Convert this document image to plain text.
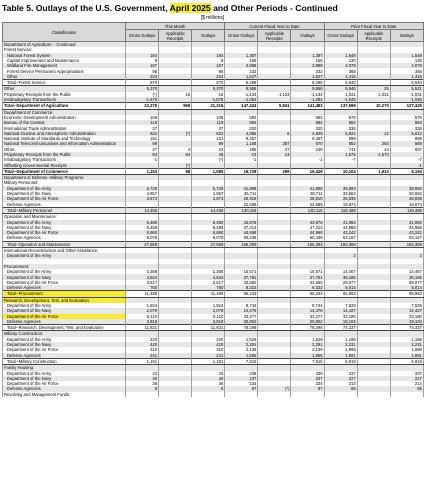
Table 5. Outlays of the U.S. Government, April 2025 and Other Periods - Continued
[$ millions]
Classification	This Month			Current Fiscal Year to Date			Prior Fiscal Year to Date		
	Gross Outlays	Applicable Receipts	Outlays	Gross Outlays	Applicable Receipts	Outlays	Gross Outlays	Applicable Receipts	Outlays
Department of Agriculture: - Continued									
Forest Service:									
National Forest System	184		184	1,387		1,387	1,548		1,548
Capital Improvement and Maintenance	8		8	155		155	130		130
Wildland Fire Management	167		167	2,898		2,898	2,079		2,079
Forest Service Permanent Appropriations	98		98	232		232	368		368
Other	234		234	1,627		1,627	1,415		1,415
Total--Forest Service	670		670	6,298		6,298	5,540		5,540
Other	5,370		5,370	9,956		9,956	5,546	25	5,521
Proprietary Receipts from the Public	(*)	16	-16	-1,134	1,134	-1,134	1,031	1,031	-1,031
Intrabudgetary Transactions	-1,678		-1,678	-1,084		-1,084	-1,045		-1,045
Total--Department of Agriculture	22,275	959	21,316	147,424	5,941	141,483	137,699	10,270	127,429
Department of Commerce:									
Economic Development Administration	106		106	692		692	575		575
Bureau of the Census	118		118	884		884	884		884
International Trade Administration	37		37	320		320	336		336
National Oceanic and Atmospheric Administration	622	(*)	622	4,856	6	4,849	5,824	12	5,812
National Institute of Standards and Technology	151		151	8,457		8,457	899		899
National Telecommunications and Information Administration	99		99	1,158	287	870	852	283	569
Other	27	4	23	285	37	248	741	44	697
Proprietary Receipts from the Public	84	84	46	-13	13		1,575	-1,570	
Intrabudgetary Transactions	-1		(*)	-1		-1	-7		-7
Offsetting Governmental Receipts		(*)							-1
Total--Department of Commerce	1,153	68	1,085	16,728	299	16,429	10,104	1,910	8,194
Department of Defense--Military Programs:									
Military Personnel:									
Department of the Army	5,726		5,726	41,898		41,898	39,993		39,993
Department of the Navy	4,857		4,857	36,711		36,711	33,662		33,662
Department of the Air Force	3,873		3,873	28,919		28,919	26,839		26,839
Defense Agencies				22,588		22,588	19,874		19,874
Total--Military Personnel	14,456		14,456	130,116		130,116	119,468		119,468
Operation and Maintenance:									
Department of the Army	6,480		6,480	43,676		43,676	41,982		41,982
Department of the Navy	6,489		6,489	47,313		47,313	44,988		44,988
Department of the Air Force	6,860		6,860	44,968		44,968	43,242		43,242
Defense Agencies	8,078		8,078	60,436		60,436	53,157		53,157
Total--Operation and Maintenance	27,659		27,659	196,393		196,393	183,369		183,369
International Reconstruction and Other Assistance:									
Department of the Army							2		2

Procurement:									
Department of the Army	2,268		2,268	15,571		15,571	14,467		14,467
Department of the Navy	4,944		4,944	37,781		37,781	36,185		36,185
Department of the Air Force	3,517		3,517	33,560		33,560	29,977		29,977
Defense Agencies	760		760	8,322		8,322	5,014		5,014
Total--Procurement	11,488		11,488	95,233		95,233	85,863		85,863
Research, Development, Test, and Evaluation:									
Department of the Army	1,824		1,824	9,744		9,744	7,629		7,629
Department of the Navy	2,079		2,079	14,476		14,476	14,427		14,427
Department of the Air Force	5,110		5,110	33,277		33,277	33,180		33,180
Defense Agencies	2,818		2,818	20,802		20,802	19,104		19,104
Total--Research, Development, Test, and Evaluation	11,831		11,831	78,298		78,298	74,337		74,337
Military Construction:									
Department of the Army	220		220	1,529		1,529	1,198		1,198
Department of the Navy	420		420	2,291		2,291	2,231		2,231
Department of the Air Force	310		310	2,139		2,139	1,899		1,899
Defense Agencies	241		241	1,656		1,656	1,591		1,591
Total--Military Construction	1,191		1,191	7,615		7,615	6,919		6,919
Family Housing:									
Department of the Army	43		43	339		339	337		337
Department of the Navy	40		40	237		237	227		227
Department of the Air Force	36		36	234		234	214		214
Defense Agencies	5		5	87	(*)	87	65		65
Revolving and Management Funds:									
